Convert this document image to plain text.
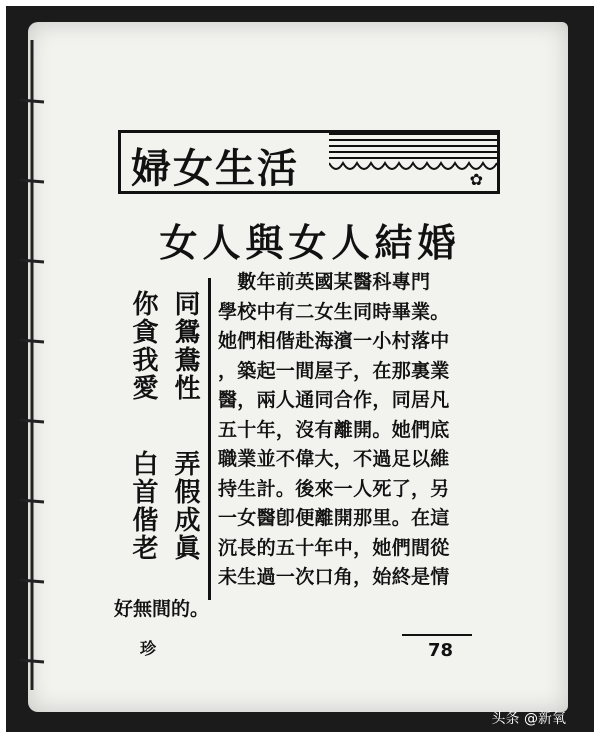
婦女生活	✿
女人與女人結婚
同鴛鴦性
弄假成眞
你貪我愛
白首偕老
　數年前英國某醫科專門
學校中有二女生同時畢業。
她們相偕赴海濱一小村落中
，築起一間屋子，在那裏業
醫，兩人通同合作，同居凡
五十年，沒有離開。她們底
職業並不偉大，不過足以維
持生計。後來一人死了，另
一女醫卽便離開那里。在這
沉長的五十年中，她們間從
未生過一次口角，始終是情
好無間的。
珍	78
头条 @新氧
